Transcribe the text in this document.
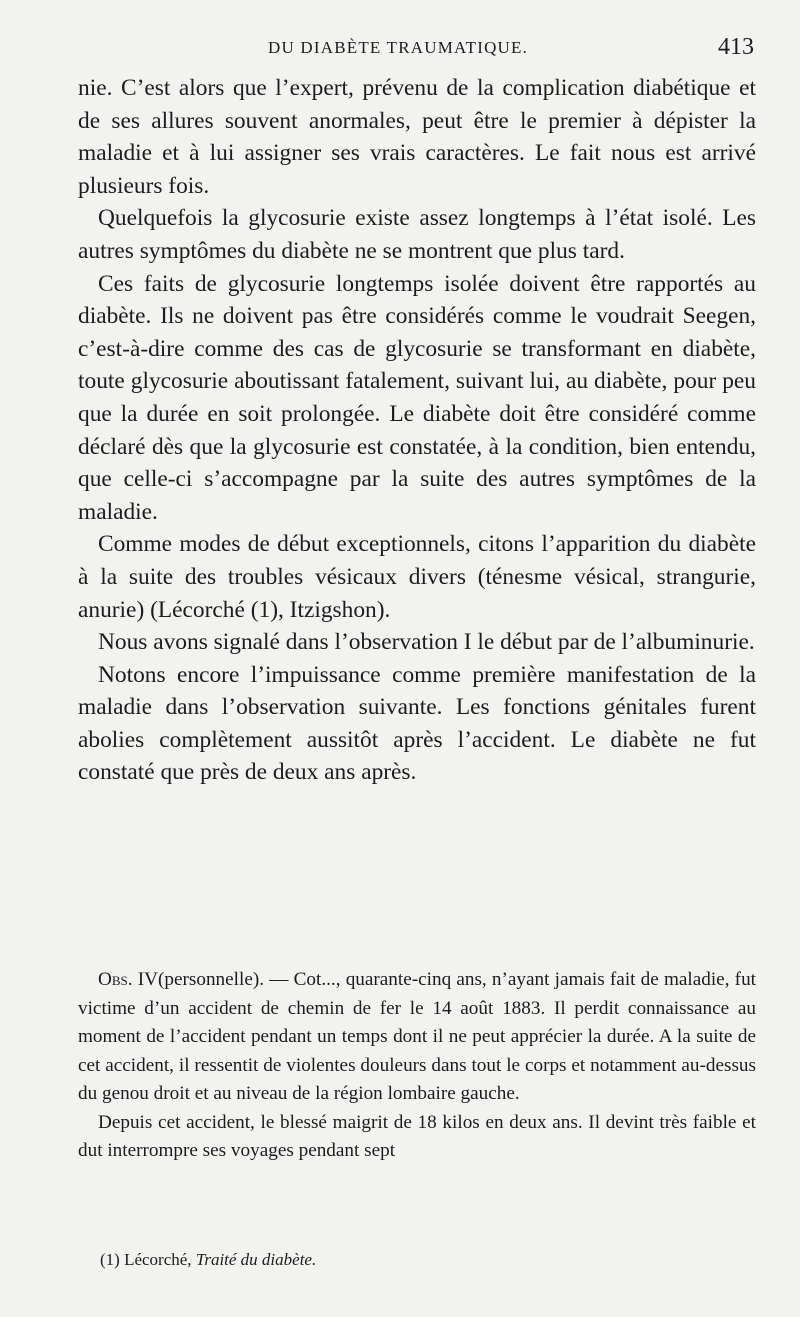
DU DIABÈTE TRAUMATIQUE.	413

nie. C’est alors que l’expert, prévenu de la complication diabétique et de ses allures souvent anormales, peut être le premier à dépister la maladie et à lui assigner ses vrais caractères. Le fait nous est arrivé plusieurs fois.

Quelquefois la glycosurie existe assez longtemps à l’état isolé. Les autres symptômes du diabète ne se montrent que plus tard.

Ces faits de glycosurie longtemps isolée doivent être rapportés au diabète. Ils ne doivent pas être considérés comme le voudrait Seegen, c’est-à-dire comme des cas de glycosurie se transformant en diabète, toute glycosurie aboutissant fatalement, suivant lui, au diabète, pour peu que la durée en soit prolongée. Le diabète doit être considéré comme déclaré dès que la glycosurie est constatée, à la condition, bien entendu, que celle-ci s’accompagne par la suite des autres symptômes de la maladie.

Comme modes de début exceptionnels, citons l’apparition du diabète à la suite des troubles vésicaux divers (ténesme vésical, strangurie, anurie) (Lécorché (1), Itzigshon).

Nous avons signalé dans l’observation I le début par de l’albuminurie.

Notons encore l’impuissance comme première manifestation de la maladie dans l’observation suivante. Les fonctions génitales furent abolies complètement aussitôt après l’accident. Le diabète ne fut constaté que près de deux ans après.

Obs. IV(personnelle). — Cot..., quarante-cinq ans, n’ayant jamais fait de maladie, fut victime d’un accident de chemin de fer le 14 août 1883. Il perdit connaissance au moment de l’accident pendant un temps dont il ne peut apprécier la durée. A la suite de cet accident, il ressentit de violentes douleurs dans tout le corps et notamment au-dessus du genou droit et au niveau de la région lombaire gauche.

Depuis cet accident, le blessé maigrit de 18 kilos en deux ans. Il devint très faible et dut interrompre ses voyages pendant sept

(1) Lécorché, Traité du diabète.
